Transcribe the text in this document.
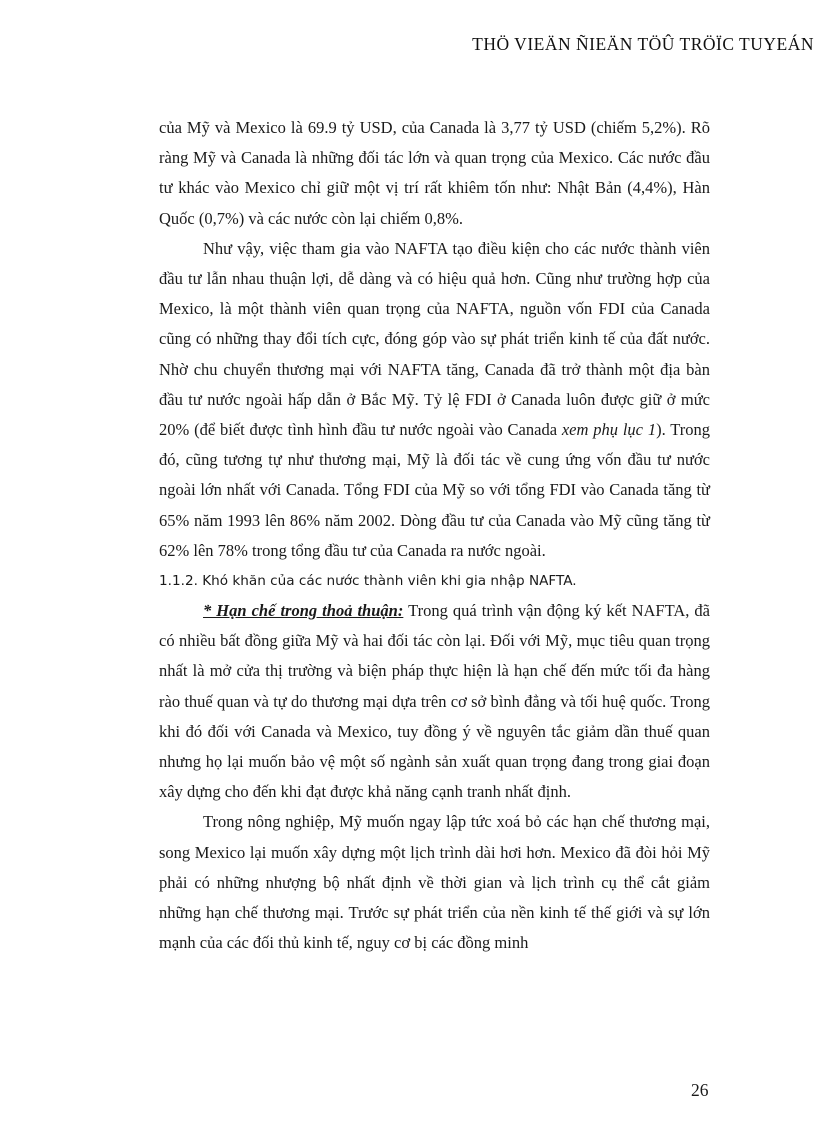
THÖ VIEÄN ÑIEÄN TÖÛ TRÖÏC TUYEÁN

của Mỹ và Mexico là 69.9 tỷ USD, của Canada là 3,77 tỷ USD (chiếm 5,2%). Rõ ràng Mỹ và Canada là những đối tác lớn và quan trọng của Mexico. Các nước đầu tư khác vào Mexico chỉ giữ một vị trí rất khiêm tốn như: Nhật Bản (4,4%), Hàn Quốc (0,7%) và các nước còn lại chiếm 0,8%.

Như vậy, việc tham gia vào NAFTA tạo điều kiện cho các nước thành viên đầu tư lẫn nhau thuận lợi, dễ dàng và có hiệu quả hơn. Cũng như trường hợp của Mexico, là một thành viên quan trọng của NAFTA, nguồn vốn FDI của Canada cũng có những thay đổi tích cực, đóng góp vào sự phát triển kinh tế của đất nước. Nhờ chu chuyển thương mại với NAFTA tăng, Canada đã trở thành một địa bàn đầu tư nước ngoài hấp dẫn ở Bắc Mỹ. Tỷ lệ FDI ở Canada luôn được giữ ở mức 20% (để biết được tình hình đầu tư nước ngoài vào Canada xem phụ lục 1). Trong đó, cũng tương tự như thương mại, Mỹ là đối tác về cung ứng vốn đầu tư nước ngoài lớn nhất với Canada. Tổng FDI của Mỹ so với tổng FDI vào Canada tăng từ 65% năm 1993 lên 86% năm 2002. Dòng đầu tư của Canada vào Mỹ cũng tăng từ 62% lên 78% trong tổng đầu tư của Canada ra nước ngoài.

1.1.2. Khó khăn của các nước thành viên khi gia nhập NAFTA.

* Hạn chế trong thoả thuận: Trong quá trình vận động ký kết NAFTA, đã có nhiều bất đồng giữa Mỹ và hai đối tác còn lại. Đối với Mỹ, mục tiêu quan trọng nhất là mở cửa thị trường và biện pháp thực hiện là hạn chế đến mức tối đa hàng rào thuế quan và tự do thương mại dựa trên cơ sở bình đẳng và tối huệ quốc. Trong khi đó đối với Canada và Mexico, tuy đồng ý về nguyên tắc giảm dần thuế quan nhưng họ lại muốn bảo vệ một số ngành sản xuất quan trọng đang trong giai đoạn xây dựng cho đến khi đạt được khả năng cạnh tranh nhất định.

Trong nông nghiệp, Mỹ muốn ngay lập tức xoá bỏ các hạn chế thương mại, song Mexico lại muốn xây dựng một lịch trình dài hơi hơn. Mexico đã đòi hỏi Mỹ phải có những nhượng bộ nhất định về thời gian và lịch trình cụ thể cắt giảm những hạn chế thương mại. Trước sự phát triển của nền kinh tế thế giới và sự lớn mạnh của các đối thủ kinh tế, nguy cơ bị các đồng minh

26
